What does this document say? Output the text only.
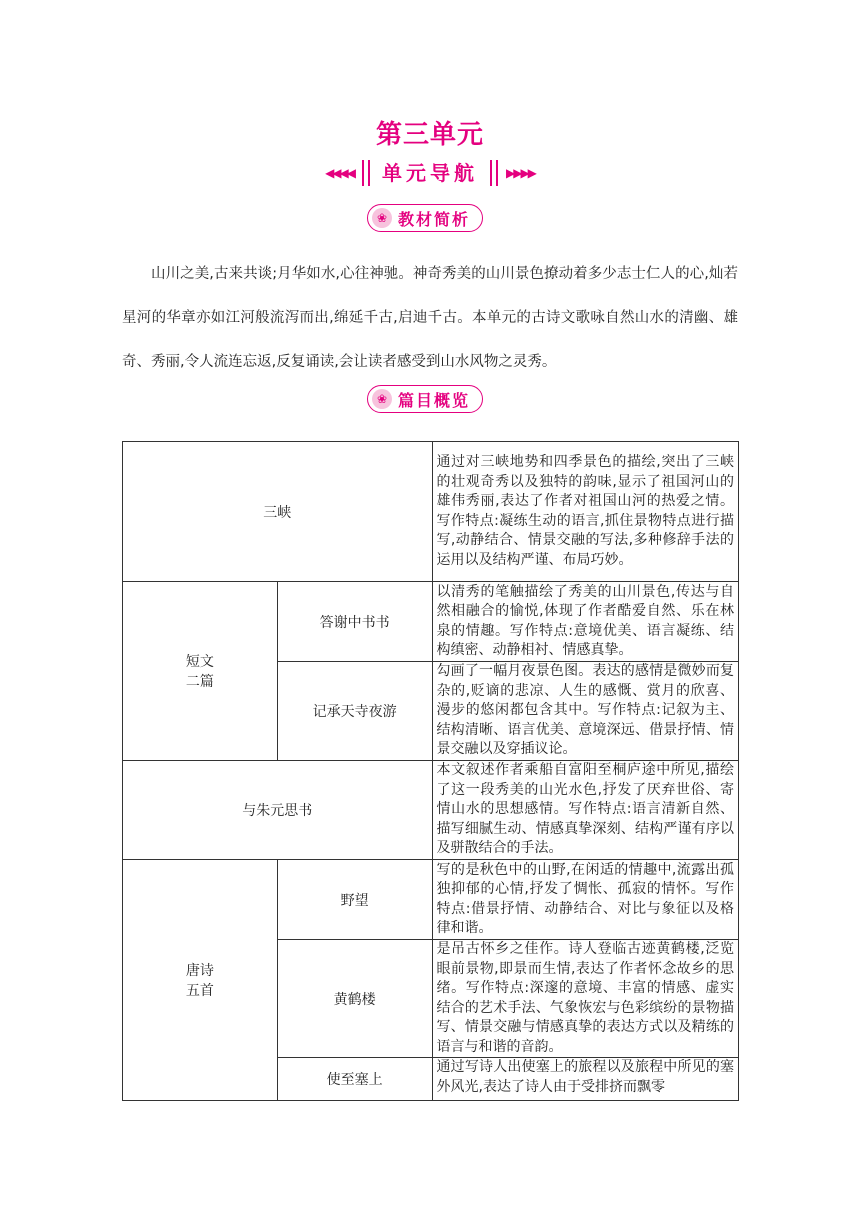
第三单元
◀◀◀◀	单元导航	▶▶▶▶
❀ 教材简析

山川之美,古来共谈;月华如水,心往神驰。神奇秀美的山川景色撩动着多少志士仁人的心,灿若星河的华章亦如江河般流泻而出,绵延千古,启迪千古。本单元的古诗文歌咏自然山水的清幽、雄奇、秀丽,令人流连忘返,反复诵读,会让读者感受到山水风物之灵秀。

❀ 篇目概览
三峡		通过对三峡地势和四季景色的描绘,突出了三峡的壮观奇秀以及独特的韵味,显示了祖国河山的雄伟秀丽,表达了作者对祖国山河的热爱之情。写作特点:凝练生动的语言,抓住景物特点进行描写,动静结合、情景交融的写法,多种修辞手法的运用以及结构严谨、布局巧妙。
短文
二篇	答谢中书书	以清秀的笔触描绘了秀美的山川景色,传达与自然相融合的愉悦,体现了作者酷爱自然、乐在林泉的情趣。写作特点:意境优美、语言凝练、结构缜密、动静相衬、情感真挚。
	记承天寺夜游	勾画了一幅月夜景色图。表达的感情是微妙而复杂的,贬谪的悲凉、人生的感慨、赏月的欣喜、漫步的悠闲都包含其中。写作特点:记叙为主、结构清晰、语言优美、意境深远、借景抒情、情景交融以及穿插议论。
与朱元思书		本文叙述作者乘船自富阳至桐庐途中所见,描绘了这一段秀美的山光水色,抒发了厌弃世俗、寄情山水的思想感情。写作特点:语言清新自然、描写细腻生动、情感真挚深刻、结构严谨有序以及骈散结合的手法。
唐诗
五首	野望	写的是秋色中的山野,在闲适的情趣中,流露出孤独抑郁的心情,抒发了惆怅、孤寂的情怀。写作特点:借景抒情、动静结合、对比与象征以及格律和谐。
	黄鹤楼	是吊古怀乡之佳作。诗人登临古迹黄鹤楼,泛览眼前景物,即景而生情,表达了作者怀念故乡的思绪。写作特点:深邃的意境、丰富的情感、虚实结合的艺术手法、气象恢宏与色彩缤纷的景物描写、情景交融与情感真挚的表达方式以及精练的语言与和谐的音韵。
	使至塞上	通过写诗人出使塞上的旅程以及旅程中所见的塞外风光,表达了诗人由于受排挤而飘零
